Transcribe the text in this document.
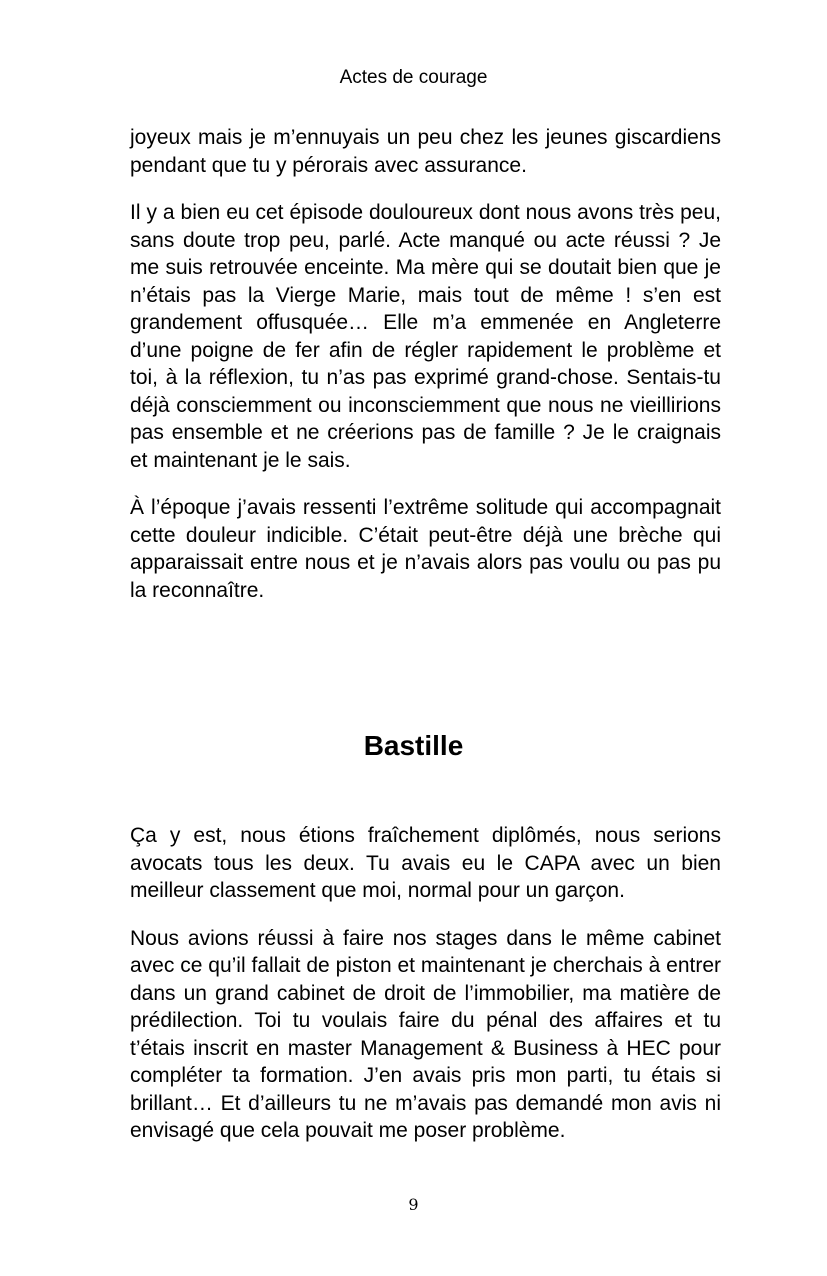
Actes de courage

joyeux mais je m’ennuyais un peu chez les jeunes giscardiens pendant que tu y pérorais avec assurance.

Il y a bien eu cet épisode douloureux dont nous avons très peu, sans doute trop peu, parlé. Acte manqué ou acte réussi ? Je me suis retrouvée enceinte. Ma mère qui se doutait bien que je n’étais pas la Vierge Marie, mais tout de même ! s’en est grandement offusquée… Elle m’a emmenée en Angleterre d’une poigne de fer afin de régler rapidement le problème et toi, à la réflexion, tu n’as pas exprimé grand-chose. Sentais-tu déjà consciemment ou inconsciemment que nous ne vieillirions pas ensemble et ne créerions pas de famille ? Je le craignais et maintenant je le sais.

À l’époque j’avais ressenti l’extrême solitude qui accompagnait cette douleur indicible. C’était peut-être déjà une brèche qui apparaissait entre nous et je n’avais alors pas voulu ou pas pu la reconnaître.

Bastille

Ça y est, nous étions fraîchement diplômés, nous serions avocats tous les deux. Tu avais eu le CAPA avec un bien meilleur classement que moi, normal pour un garçon.

Nous avions réussi à faire nos stages dans le même cabinet avec ce qu’il fallait de piston et maintenant je cherchais à entrer dans un grand cabinet de droit de l’immobilier, ma matière de prédilection. Toi tu voulais faire du pénal des affaires et tu t’étais inscrit en master Management & Business à HEC pour compléter ta formation. J’en avais pris mon parti, tu étais si brillant… Et d’ailleurs tu ne m’avais pas demandé mon avis ni envisagé que cela pouvait me poser problème.

9
